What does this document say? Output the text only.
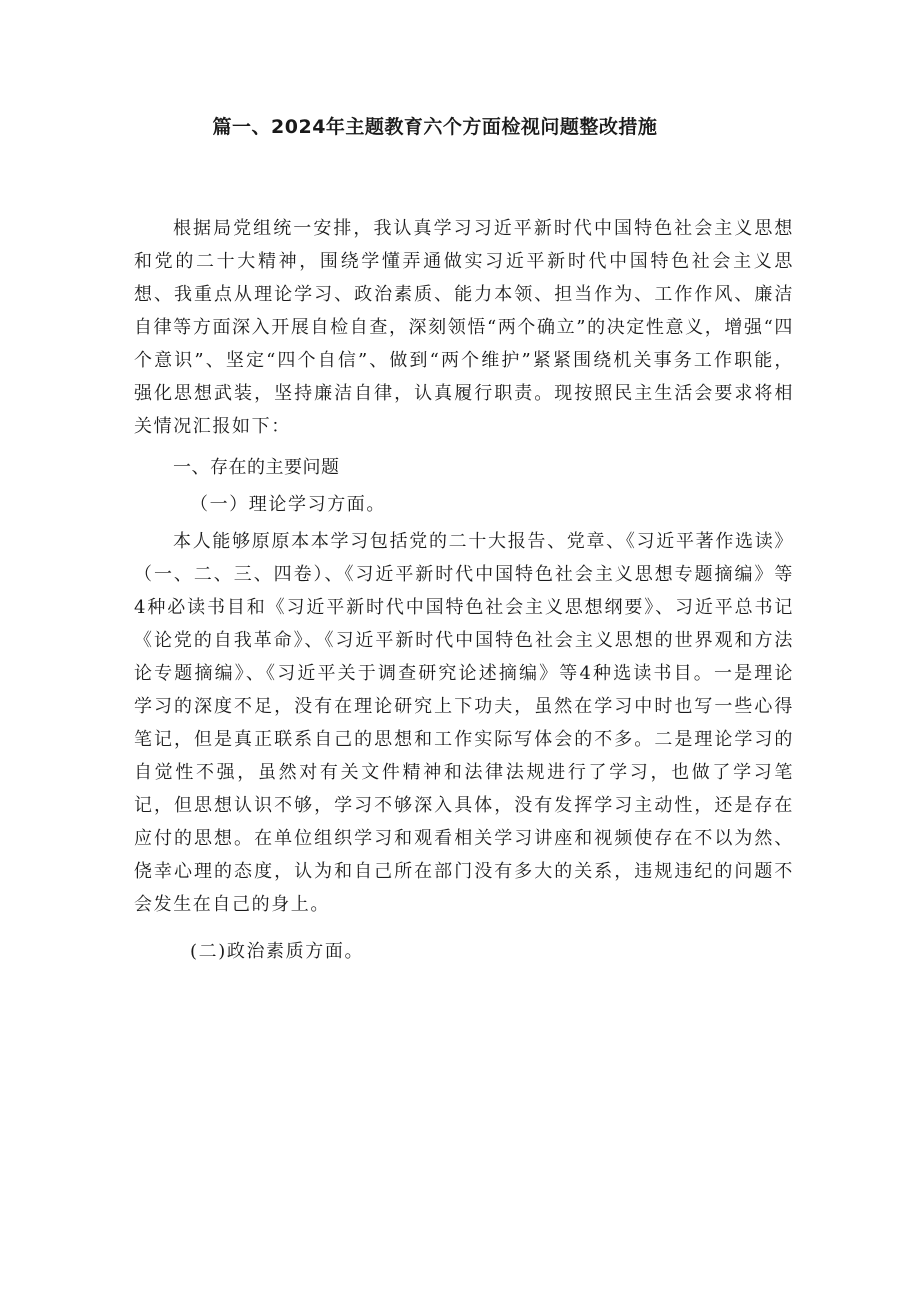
篇一、2024年主题教育六个方面检视问题整改措施

根据局党组统一安排，我认真学习习近平新时代中国特色社会主义思想和党的二十大精神，围绕学懂弄通做实习近平新时代中国特色社会主义思想、我重点从理论学习、政治素质、能力本领、担当作为、工作作风、廉洁自律等方面深入开展自检自查，深刻领悟“两个确立”的决定性意义，增强“四个意识”、坚定“四个自信”、做到“两个维护”紧紧围绕机关事务工作职能，强化思想武装，坚持廉洁自律，认真履行职责。现按照民主生活会要求将相关情况汇报如下：

一、存在的主要问题
（一）理论学习方面。

本人能够原原本本学习包括党的二十大报告、党章、《习近平著作选读》（一、二、三、四卷）、《习近平新时代中国特色社会主义思想专题摘编》等4种必读书目和《习近平新时代中国特色社会主义思想纲要》、习近平总书记《论党的自我革命》、《习近平新时代中国特色社会主义思想的世界观和方法论专题摘编》、《习近平关于调查研究论述摘编》等4种选读书目。一是理论学习的深度不足，没有在理论研究上下功夫，虽然在学习中时也写一些心得笔记，但是真正联系自己的思想和工作实际写体会的不多。二是理论学习的自觉性不强，虽然对有关文件精神和法律法规进行了学习，也做了学习笔记，但思想认识不够，学习不够深入具体，没有发挥学习主动性，还是存在应付的思想。在单位组织学习和观看相关学习讲座和视频使存在不以为然、侥幸心理的态度，认为和自己所在部门没有多大的关系，违规违纪的问题不会发生在自己的身上。

(二)政治素质方面。
